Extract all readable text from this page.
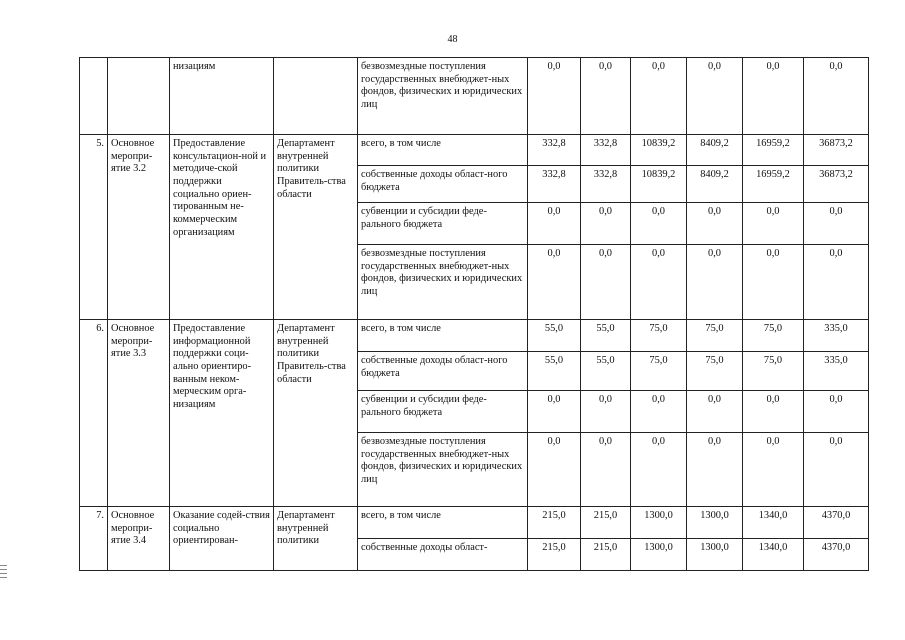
48
		низациям		безвозмездные поступления государственных внебюджет-ных фондов, физических и юридических лиц	0,0	0,0	0,0	0,0	0,0	0,0
5.	Основное меропри-ятие 3.2	Предоставление консультацион-ной и методиче-ской поддержки социально ориен-тированным не-коммерческим организациям	Департамент внутренней политики Правитель-ства области	всего, в том числе	332,8	332,8	10839,2	8409,2	16959,2	36873,2
				собственные доходы област-ного бюджета	332,8	332,8	10839,2	8409,2	16959,2	36873,2
				субвенции и субсидии феде-рального бюджета	0,0	0,0	0,0	0,0	0,0	0,0
				безвозмездные поступления государственных внебюджет-ных фондов, физических и юридических лиц	0,0	0,0	0,0	0,0	0,0	0,0
6.	Основное меропри-ятие 3.3	Предоставление информационной поддержки соци-ально ориентиро-ванным неком-мерческим орга-низациям	Департамент внутренней политики Правитель-ства области	всего, в том числе	55,0	55,0	75,0	75,0	75,0	335,0
				собственные доходы област-ного бюджета	55,0	55,0	75,0	75,0	75,0	335,0
				субвенции и субсидии феде-рального бюджета	0,0	0,0	0,0	0,0	0,0	0,0
				безвозмездные поступления государственных внебюджет-ных фондов, физических и юридических лиц	0,0	0,0	0,0	0,0	0,0	0,0
7.	Основное меропри-ятие 3.4	Оказание содей-ствия социально ориентирован-	Департамент внутренней политики	всего, в том числе	215,0	215,0	1300,0	1300,0	1340,0	4370,0
				собственные доходы област-	215,0	215,0	1300,0	1300,0	1340,0	4370,0
